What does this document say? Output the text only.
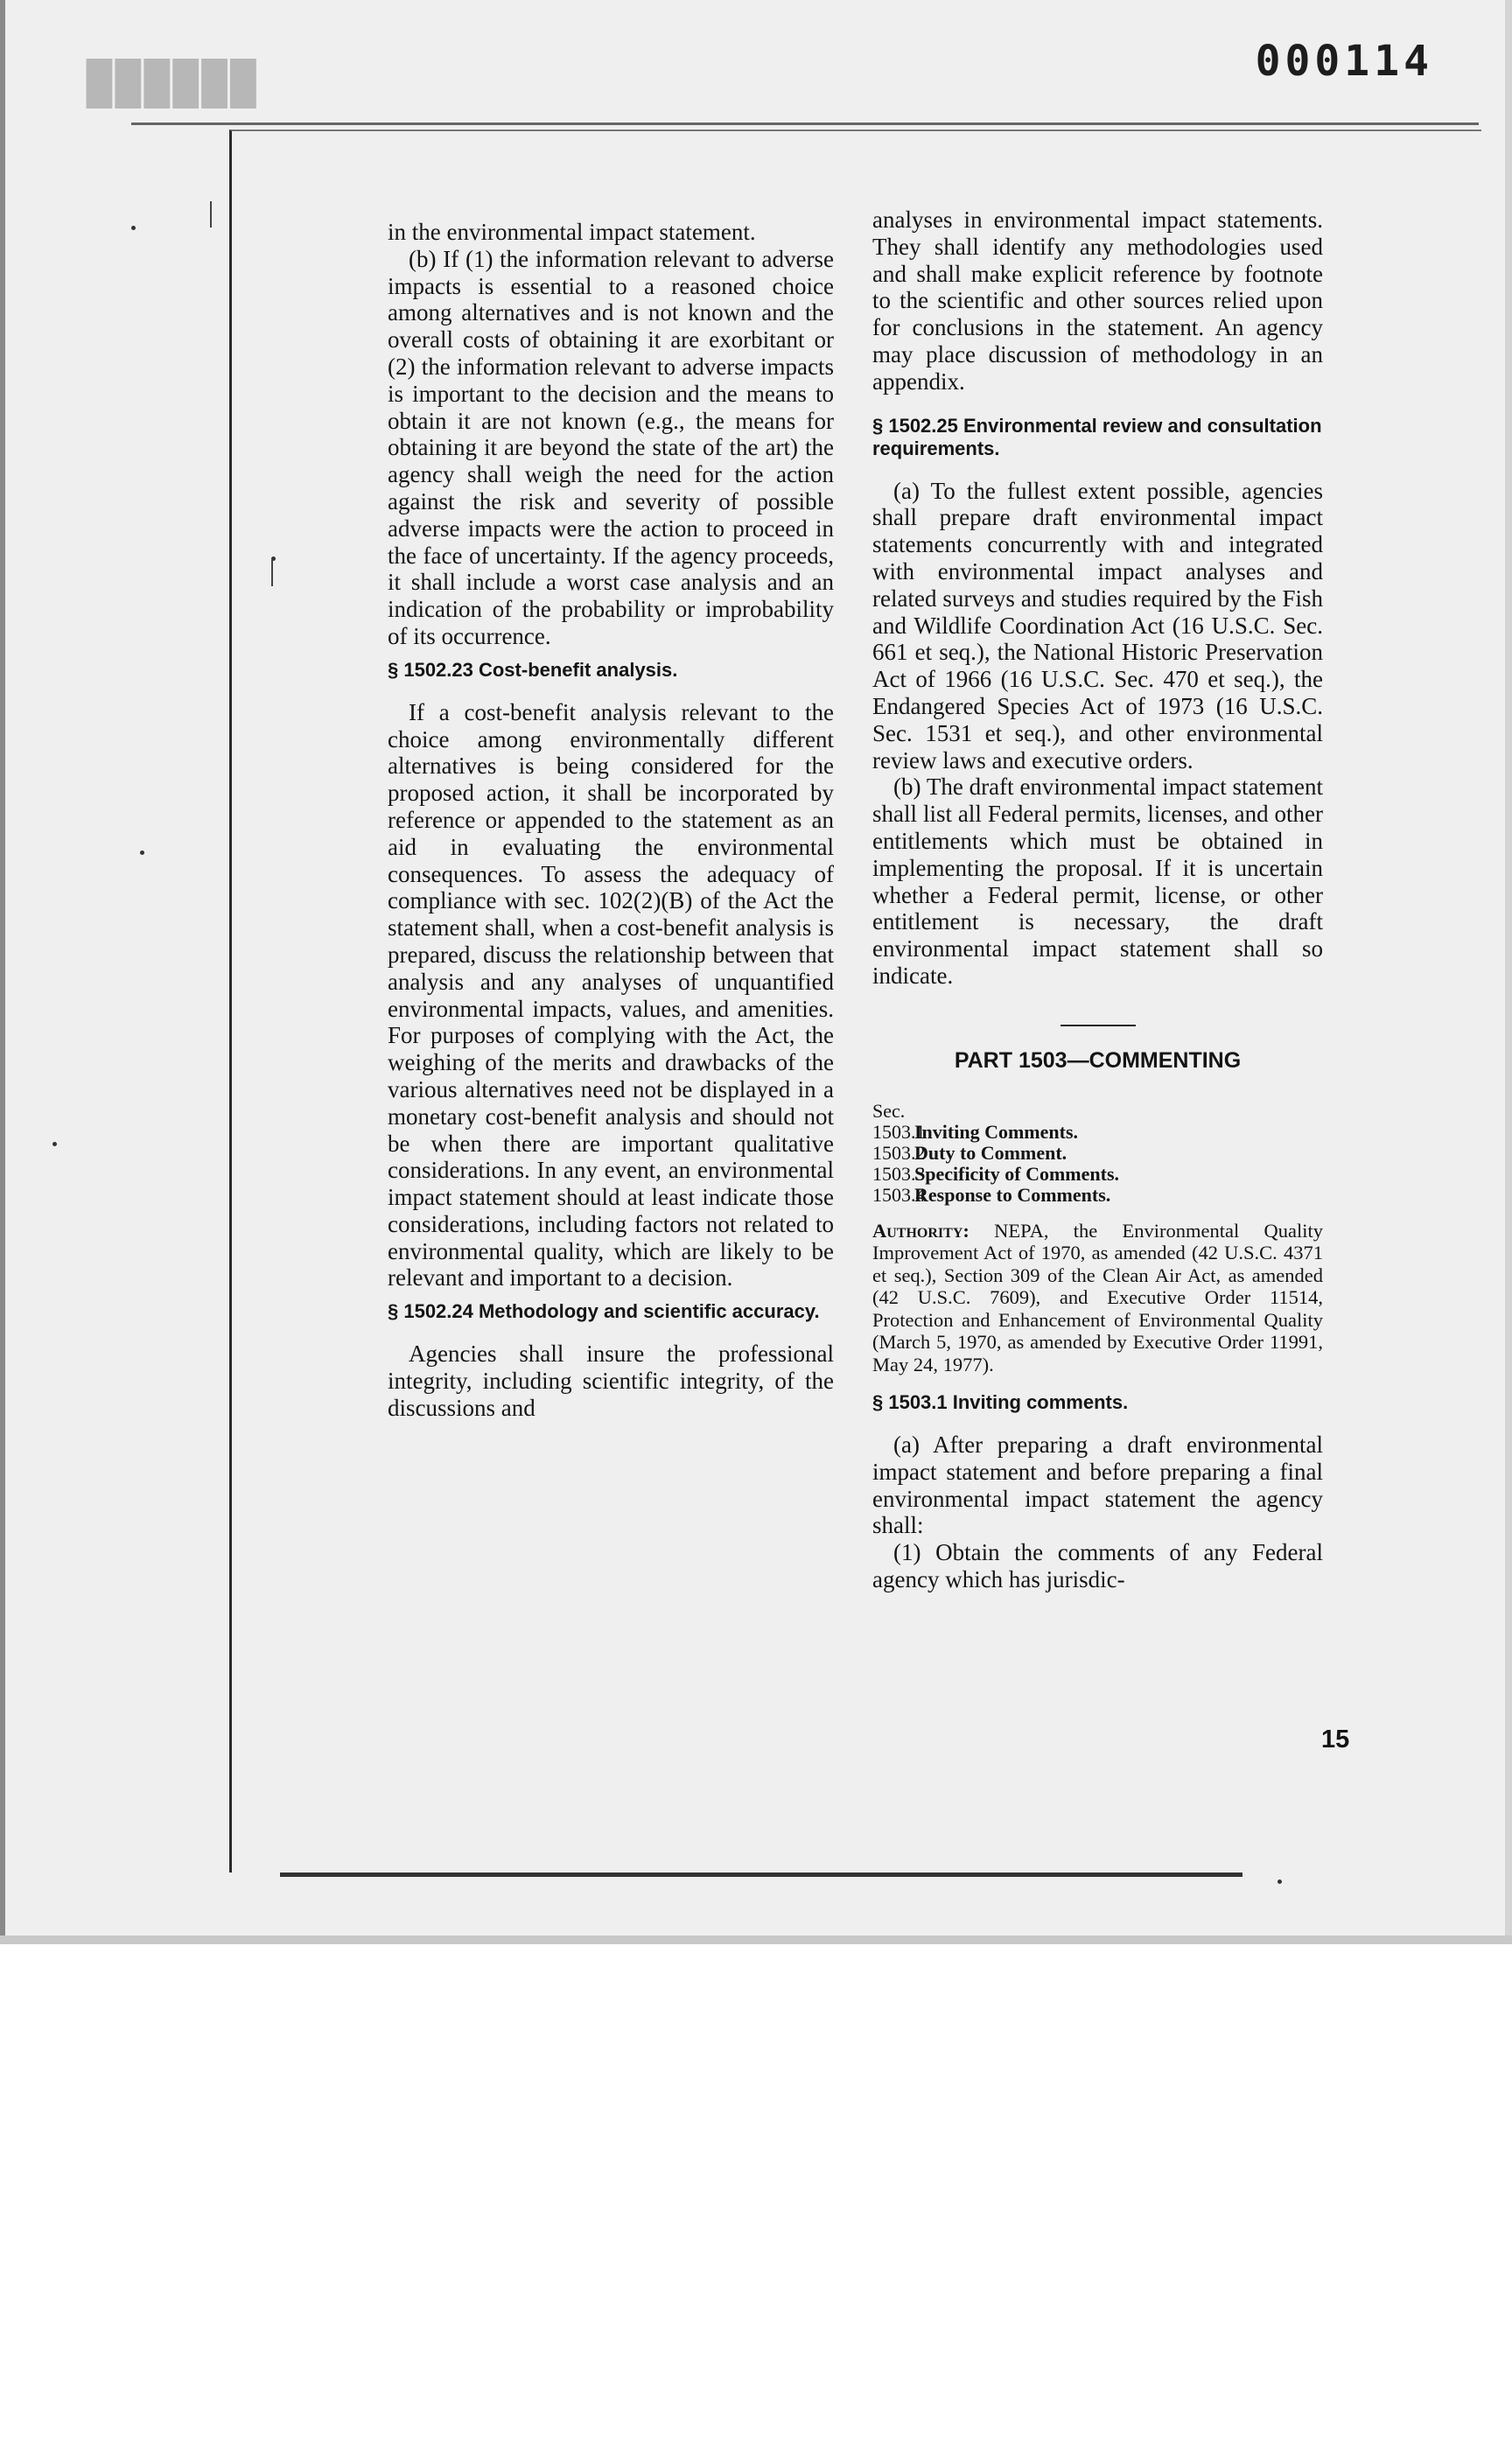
██████	000114

in the environmental impact statement.

(b) If (1) the information relevant to adverse impacts is essential to a reasoned choice among alternatives and is not known and the overall costs of obtaining it are exorbitant or (2) the information relevant to adverse impacts is important to the decision and the means to obtain it are not known (e.g., the means for obtaining it are beyond the state of the art) the agency shall weigh the need for the action against the risk and severity of possible adverse impacts were the action to proceed in the face of uncertainty. If the agency proceeds, it shall include a worst case analysis and an indication of the probability or improbability of its occurrence.

§ 1502.23 Cost-benefit analysis.

If a cost-benefit analysis relevant to the choice among environmentally different alternatives is being considered for the proposed action, it shall be incorporated by reference or appended to the statement as an aid in evaluating the environmental consequences. To assess the adequacy of compliance with sec. 102(2)(B) of the Act the statement shall, when a cost-benefit analysis is prepared, discuss the relationship between that analysis and any analyses of unquantified environmental impacts, values, and amenities. For purposes of complying with the Act, the weighing of the merits and drawbacks of the various alternatives need not be displayed in a monetary cost-benefit analysis and should not be when there are important qualitative considerations. In any event, an environmental impact statement should at least indicate those considerations, including factors not related to environmental quality, which are likely to be relevant and important to a decision.

§ 1502.24 Methodology and scientific accuracy.

Agencies shall insure the professional integrity, including scientific integrity, of the discussions and

analyses in environmental impact statements. They shall identify any methodologies used and shall make explicit reference by footnote to the scientific and other sources relied upon for conclusions in the statement. An agency may place discussion of methodology in an appendix.

§ 1502.25 Environmental review and consultation requirements.

(a) To the fullest extent possible, agencies shall prepare draft environmental impact statements concurrently with and integrated with environmental impact analyses and related surveys and studies required by the Fish and Wildlife Coordination Act (16 U.S.C. Sec. 661 et seq.), the National Historic Preservation Act of 1966 (16 U.S.C. Sec. 470 et seq.), the Endangered Species Act of 1973 (16 U.S.C. Sec. 1531 et seq.), and other environmental review laws and executive orders.

(b) The draft environmental impact statement shall list all Federal permits, licenses, and other entitlements which must be obtained in implementing the proposal. If it is uncertain whether a Federal permit, license, or other entitlement is necessary, the draft environmental impact statement shall so indicate.

PART 1503—COMMENTING
Sec.
1503.1
Inviting Comments.
1503.2
Duty to Comment.
1503.3
Specificity of Comments.
1503.4
Response to Comments.
Authority: NEPA, the Environmental Quality Improvement Act of 1970, as amended (42 U.S.C. 4371 et seq.), Section 309 of the Clean Air Act, as amended (42 U.S.C. 7609), and Executive Order 11514, Protection and Enhancement of Environmental Quality (March 5, 1970, as amended by Executive Order 11991, May 24, 1977).
§ 1503.1 Inviting comments.

(a) After preparing a draft environmental impact statement and before preparing a final environmental impact statement the agency shall:

(1) Obtain the comments of any Federal agency which has jurisdic-

15
